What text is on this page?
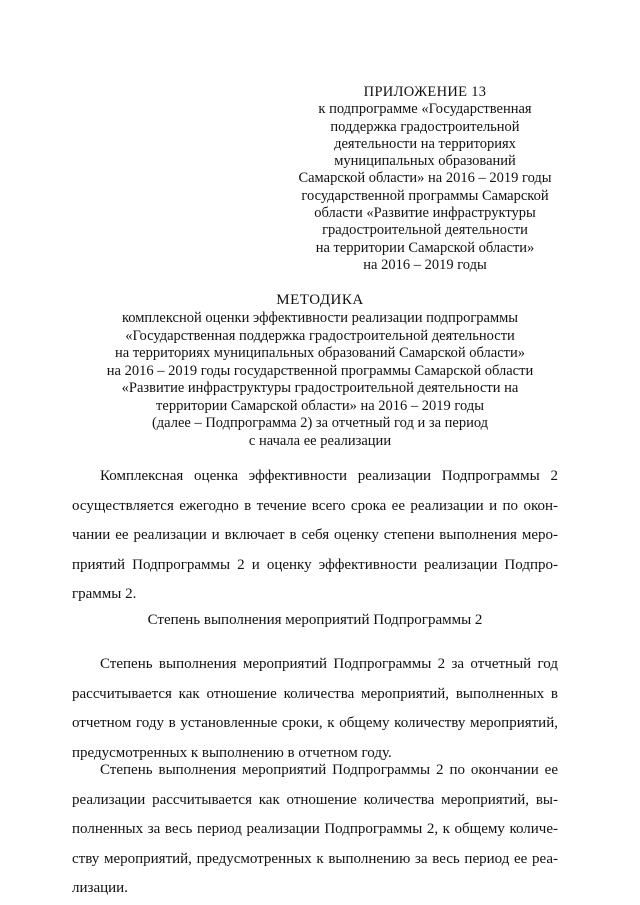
ПРИЛОЖЕНИЕ 13
к подпрограмме «Государственная
поддержка градостроительной
деятельности на территориях
муниципальных образований
Самарской области» на 2016 – 2019 годы
государственной программы Самарской
области «Развитие инфраструктуры
градостроительной деятельности
на территории Самарской области»
на 2016 – 2019 годы
МЕТОДИКА
комплексной оценки эффективности реализации подпрограммы
«Государственная поддержка градостроительной деятельности
на территориях муниципальных образований Самарской области»
на 2016 – 2019 годы государственной программы Самарской области
«Развитие инфраструктуры градостроительной деятельности на
территории Самарской области» на 2016 – 2019 годы
(далее – Подпрограмма 2) за отчетный год и за период
с начала ее реализации
Комплексная оценка эффективности реализации Подпрограммы 2
осуществляется ежегодно в течение всего срока ее реализации и по окон-
чании ее реализации и включает в себя оценку степени выполнения меро-
приятий Подпрограммы 2 и оценку эффективности реализации Подпро-
граммы 2.
Степень выполнения мероприятий Подпрограммы 2
Степень выполнения мероприятий Подпрограммы 2 за отчетный год
рассчитывается как отношение количества мероприятий, выполненных в
отчетном году в установленные сроки, к общему количеству мероприятий,
предусмотренных к выполнению в отчетном году.
Степень выполнения мероприятий Подпрограммы 2 по окончании ее
реализации рассчитывается как отношение количества мероприятий, вы-
полненных за весь период реализации Подпрограммы 2, к общему количе-
ству мероприятий, предусмотренных к выполнению за весь период ее реа-
лизации.
